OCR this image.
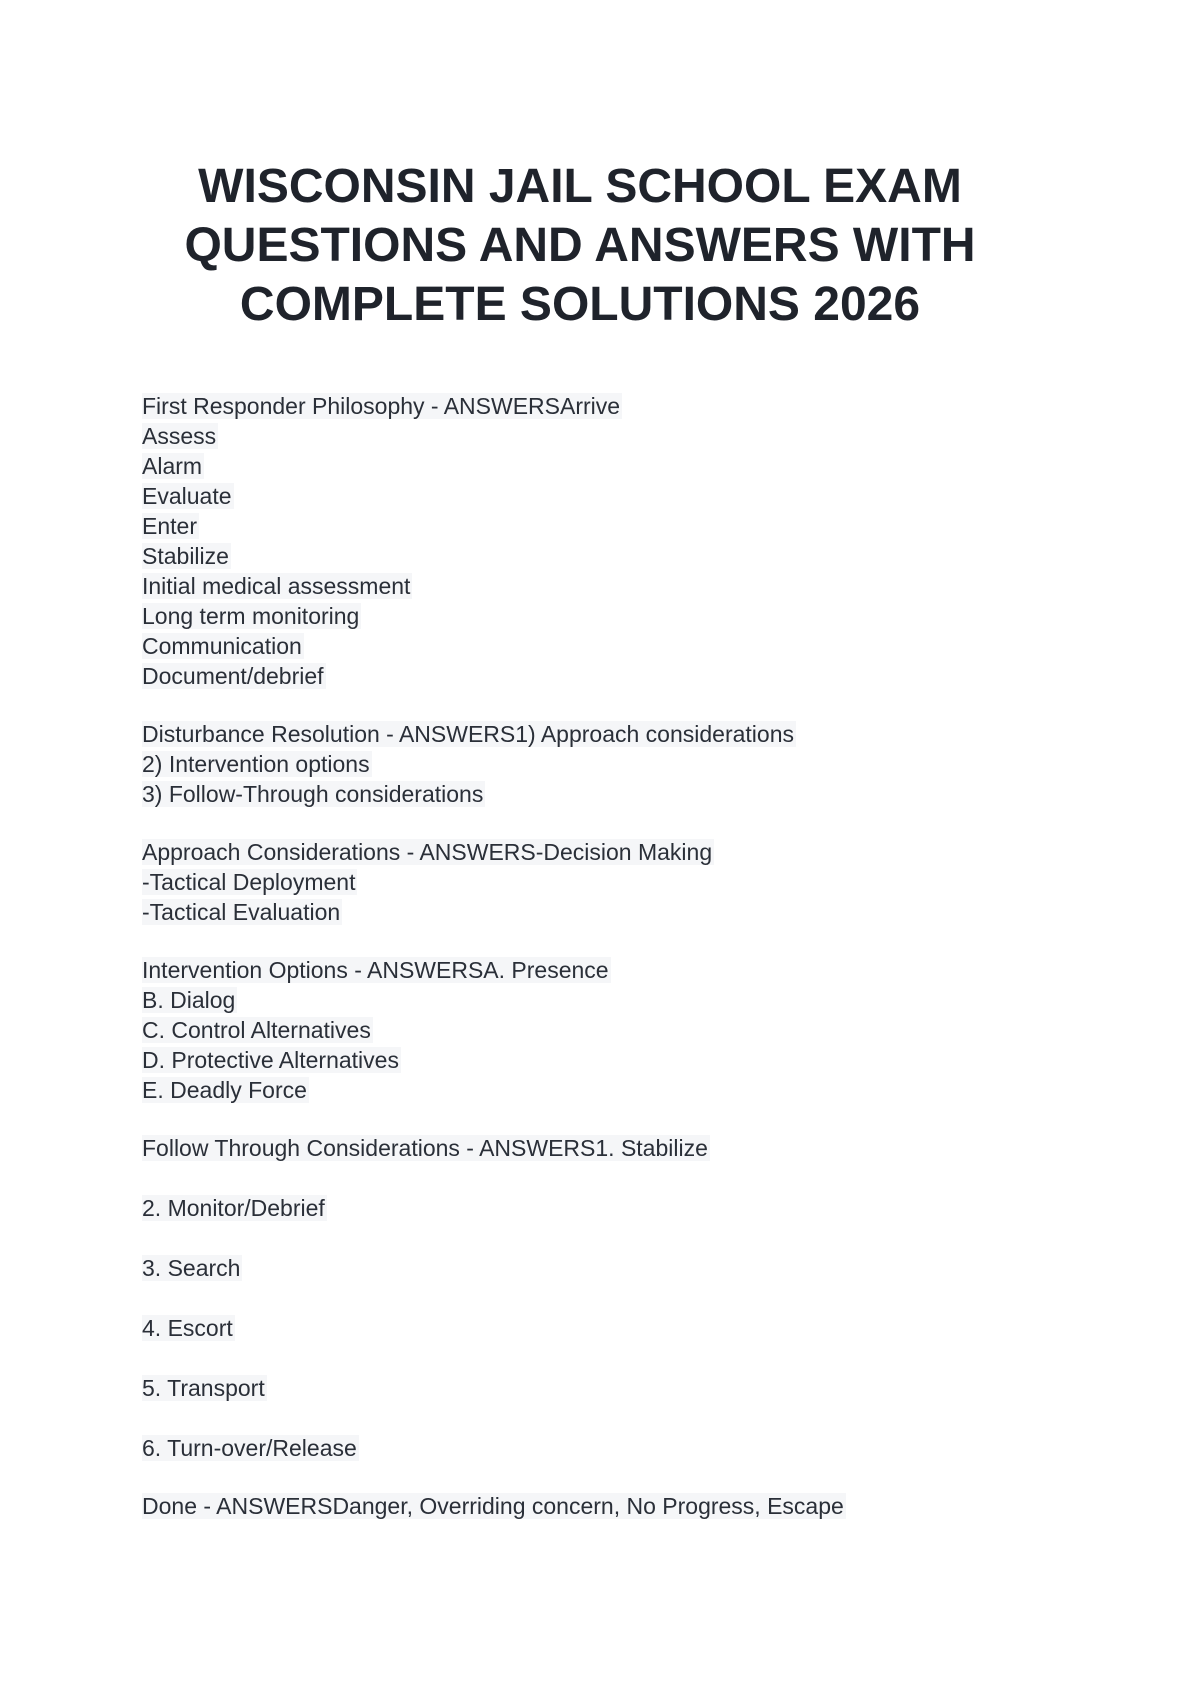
WISCONSIN JAIL SCHOOL EXAM
QUESTIONS AND ANSWERS WITH
COMPLETE SOLUTIONS 2026
First Responder Philosophy - ANSWERSArrive
Assess
Alarm
Evaluate
Enter
Stabilize
Initial medical assessment
Long term monitoring
Communication
Document/debrief
Disturbance Resolution - ANSWERS1) Approach considerations
2) Intervention options
3) Follow-Through considerations
Approach Considerations - ANSWERS-Decision Making
-Tactical Deployment
-Tactical Evaluation
Intervention Options - ANSWERSA. Presence
B. Dialog
C. Control Alternatives
D. Protective Alternatives
E. Deadly Force
Follow Through Considerations - ANSWERS1. Stabilize
2. Monitor/Debrief
3. Search
4. Escort
5. Transport
6. Turn-over/Release
Done - ANSWERSDanger, Overriding concern, No Progress, Escape
